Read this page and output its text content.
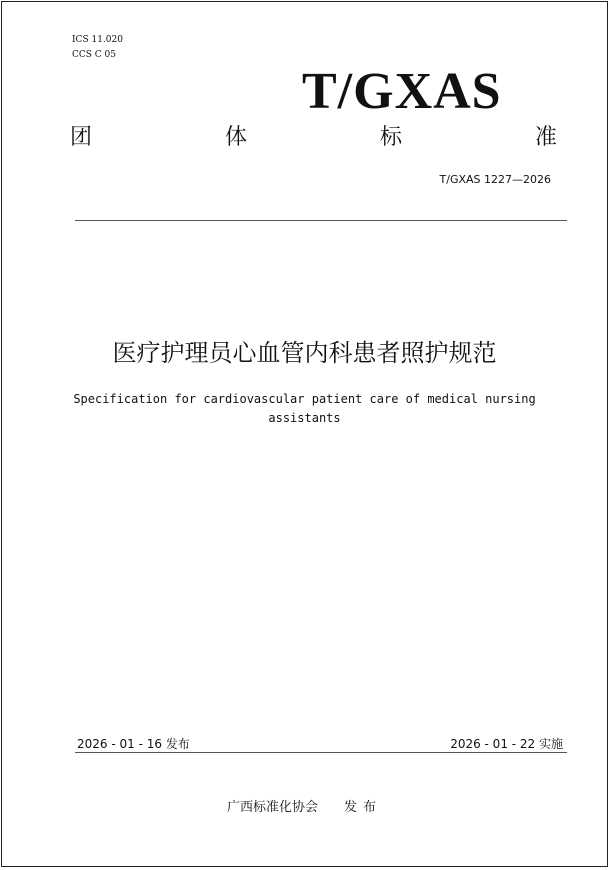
ICS 11.020
CCS C 05
T/GXAS
团	体	标	准
T/GXAS 1227—2026
医疗护理员心血管内科患者照护规范
Specification for cardiovascular patient care of medical nursing assistants
2026 - 01 - 16 发布	2026 - 01 - 22 实施
广西标准化协会 发布
